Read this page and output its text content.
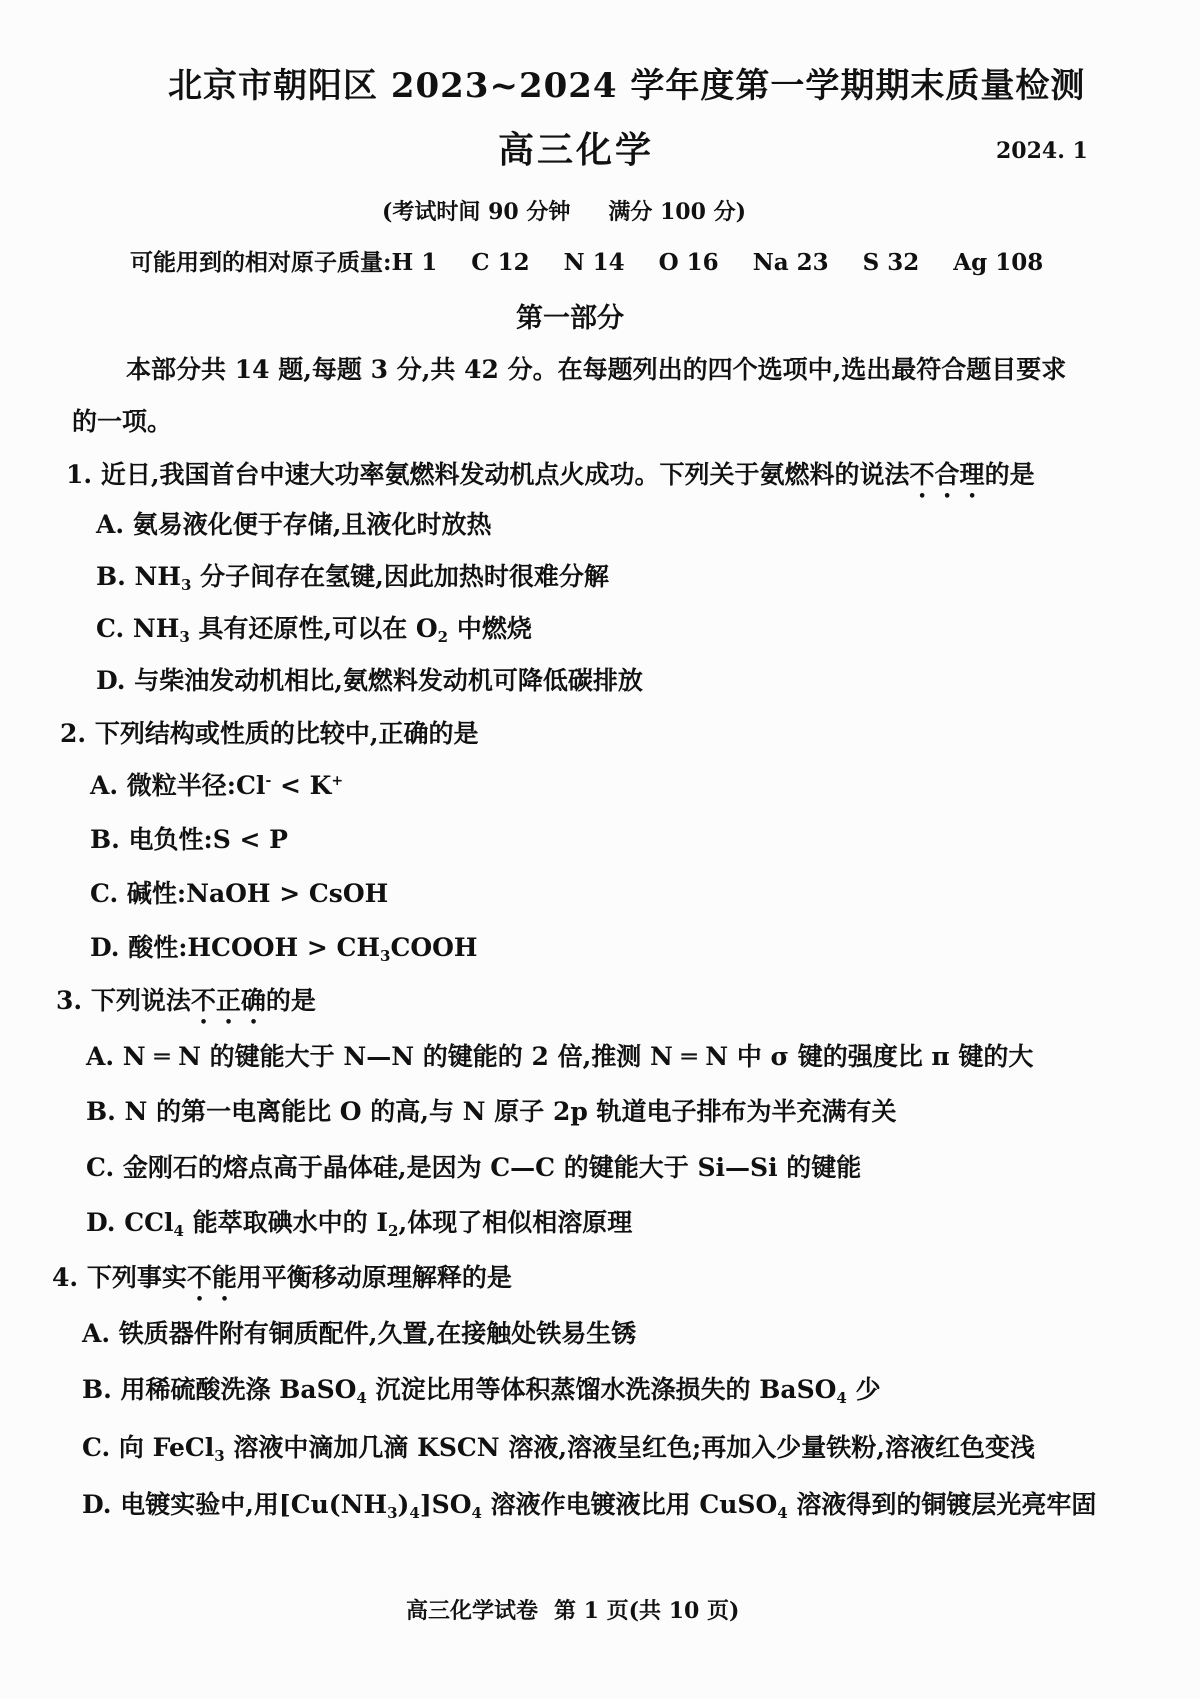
北京市朝阳区 2023~2024 学年度第一学期期末质量检测
高三化学	2024. 1
(考试时间 90 分钟 满分 100 分)
可能用到的相对原子质量:H 1 C 12 N 14 O 16 Na 23 S 32 Ag 108
第一部分
本部分共 14 题,每题 3 分,共 42 分。在每题列出的四个选项中,选出最符合题目要求
的一项。
1. 近日,我国首台中速大功率氨燃料发动机点火成功。下列关于氨燃料的说法不合理的是
A. 氨易液化便于存储,且液化时放热
B. $NH_3$ 分子间存在氢键,因此加热时很难分解
C. $NH_3$ 具有还原性,可以在 $O_2$ 中燃烧
D. 与柴油发动机相比,氨燃料发动机可降低碳排放
2. 下列结构或性质的比较中,正确的是
A. 微粒半径:Cl- < K+
B. 电负性:S < P
C. 碱性:NaOH > CsOH
D. 酸性:HCOOH > $CH_3COOH$
3. 下列说法不正确的是
A. N ═ N 的键能大于 N—N 的键能的 2 倍,推测 N ═ N 中 σ 键的强度比 π 键的大
B. N 的第一电离能比 O 的高,与 N 原子 2p 轨道电子排布为半充满有关
C. 金刚石的熔点高于晶体硅,是因为 C—C 的键能大于 Si—Si 的键能
D. CCl$_4$ 能萃取碘水中的 $I_2$,体现了相似相溶原理
4. 下列事实不能用平衡移动原理解释的是
A. 铁质器件附有铜质配件,久置,在接触处铁易生锈
B. 用稀硫酸洗涤 BaSO$_4$ 沉淀比用等体积蒸馏水洗涤损失的 BaSO$_4$ 少
C. 向 FeCl$_3$ 溶液中滴加几滴 KSCN 溶液,溶液呈红色;再加入少量铁粉,溶液红色变浅
D. 电镀实验中,用$[Cu(NH_3)_4]SO_4$ 溶液作电镀液比用 CuSO$_4$ 溶液得到的铜镀层光亮牢固
高三化学试卷 第 1 页(共 10 页)
